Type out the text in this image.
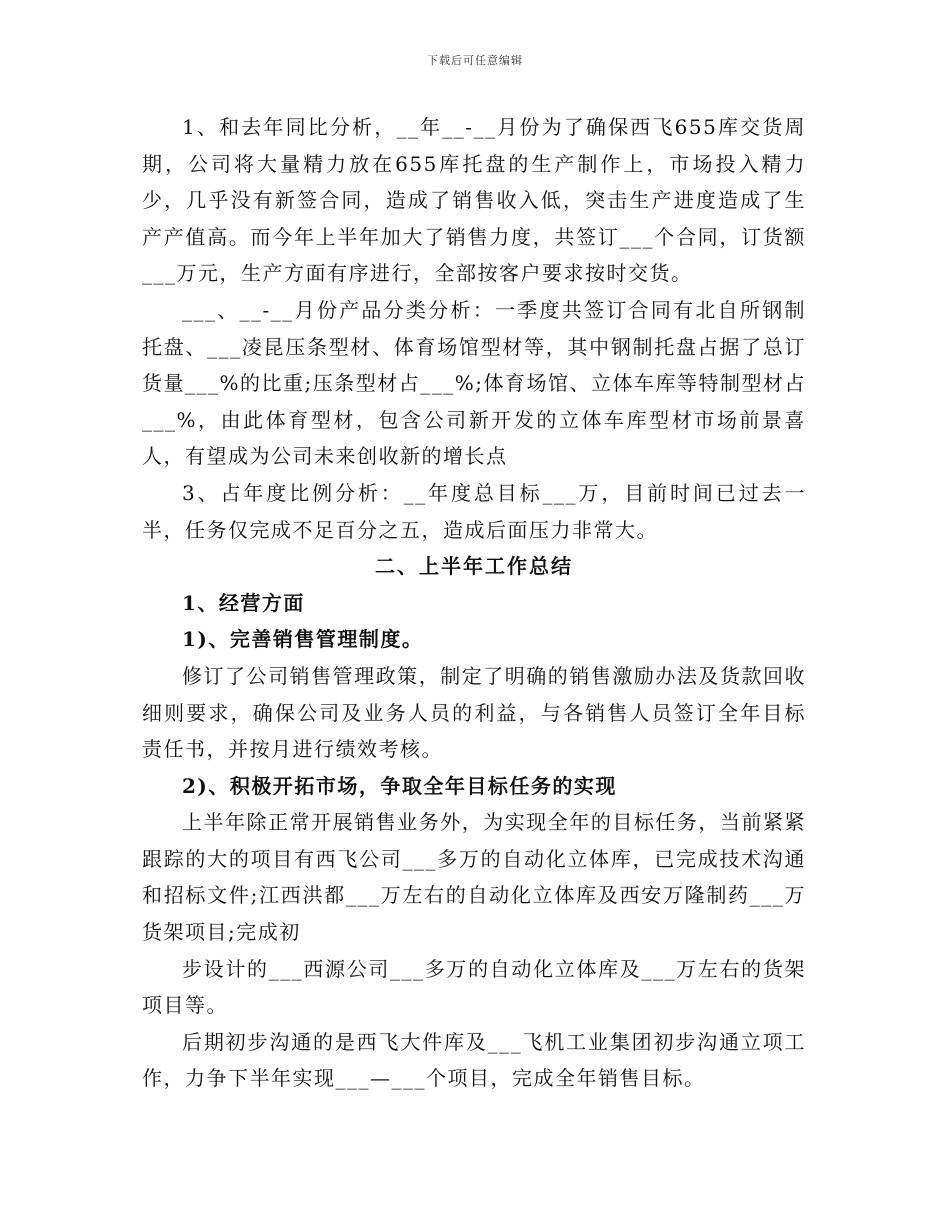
下载后可任意编辑

1、和去年同比分析，__年__-__月份为了确保西飞655库交货周期，公司将大量精力放在655库托盘的生产制作上，市场投入精力少，几乎没有新签合同，造成了销售收入低，突击生产进度造成了生产产值高。而今年上半年加大了销售力度，共签订___个合同，订货额___万元，生产方面有序进行，全部按客户要求按时交货。

___、__-__月份产品分类分析：一季度共签订合同有北自所钢制托盘、___凌昆压条型材、体育场馆型材等，其中钢制托盘占据了总订货量___%的比重;压条型材占___%;体育场馆、立体车库等特制型材占___%，由此体育型材，包含公司新开发的立体车库型材市场前景喜人，有望成为公司未来创收新的增长点

3、占年度比例分析：__年度总目标___万，目前时间已过去一半，任务仅完成不足百分之五，造成后面压力非常大。

二、上半年工作总结

1、经营方面

1)、完善销售管理制度。

修订了公司销售管理政策，制定了明确的销售激励办法及货款回收细则要求，确保公司及业务人员的利益，与各销售人员签订全年目标责任书，并按月进行绩效考核。

2)、积极开拓市场，争取全年目标任务的实现

上半年除正常开展销售业务外，为实现全年的目标任务，当前紧紧跟踪的大的项目有西飞公司___多万的自动化立体库，已完成技术沟通和招标文件;江西洪都___万左右的自动化立体库及西安万隆制药___万货架项目;完成初

步设计的___西源公司___多万的自动化立体库及___万左右的货架项目等。

后期初步沟通的是西飞大件库及___飞机工业集团初步沟通立项工作，力争下半年实现___—___个项目，完成全年销售目标。
